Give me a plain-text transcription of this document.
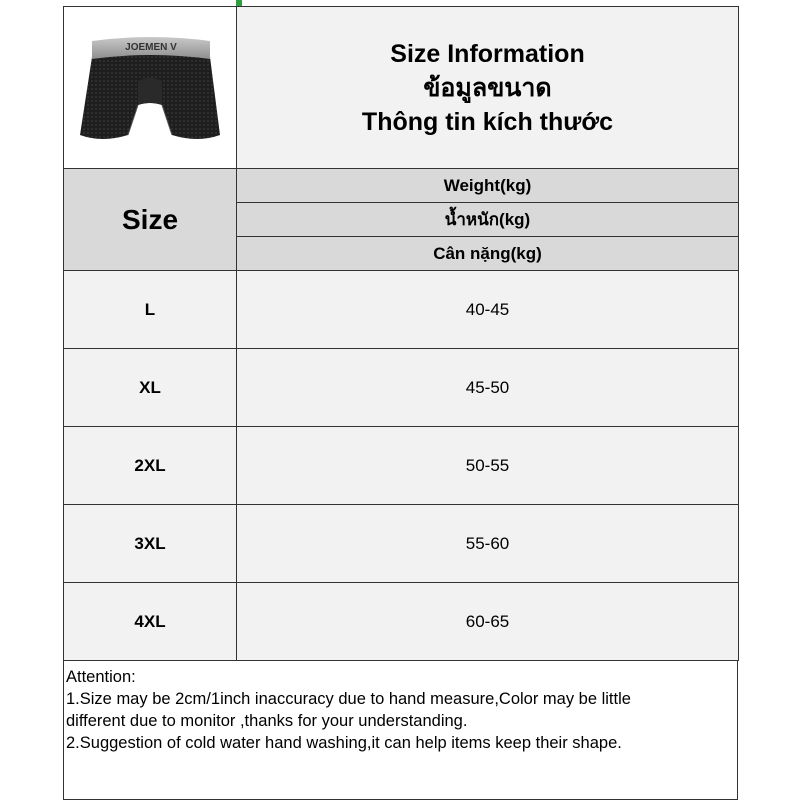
JOEMEN V	Size Information
ข้อมูลขนาด
Thông tin kích thước

Size	Weight(kg)
	น้ำหนัก(kg)
	Cân nặng(kg)
L	40-45
XL	45-50
2XL	50-55
3XL	55-60
4XL	60-65
Attention:
1.Size may be 2cm/1inch inaccuracy due to hand measure,Color may be little
different due to monitor ,thanks for your understanding.
2.Suggestion of cold water hand washing,it can help items keep their shape.
